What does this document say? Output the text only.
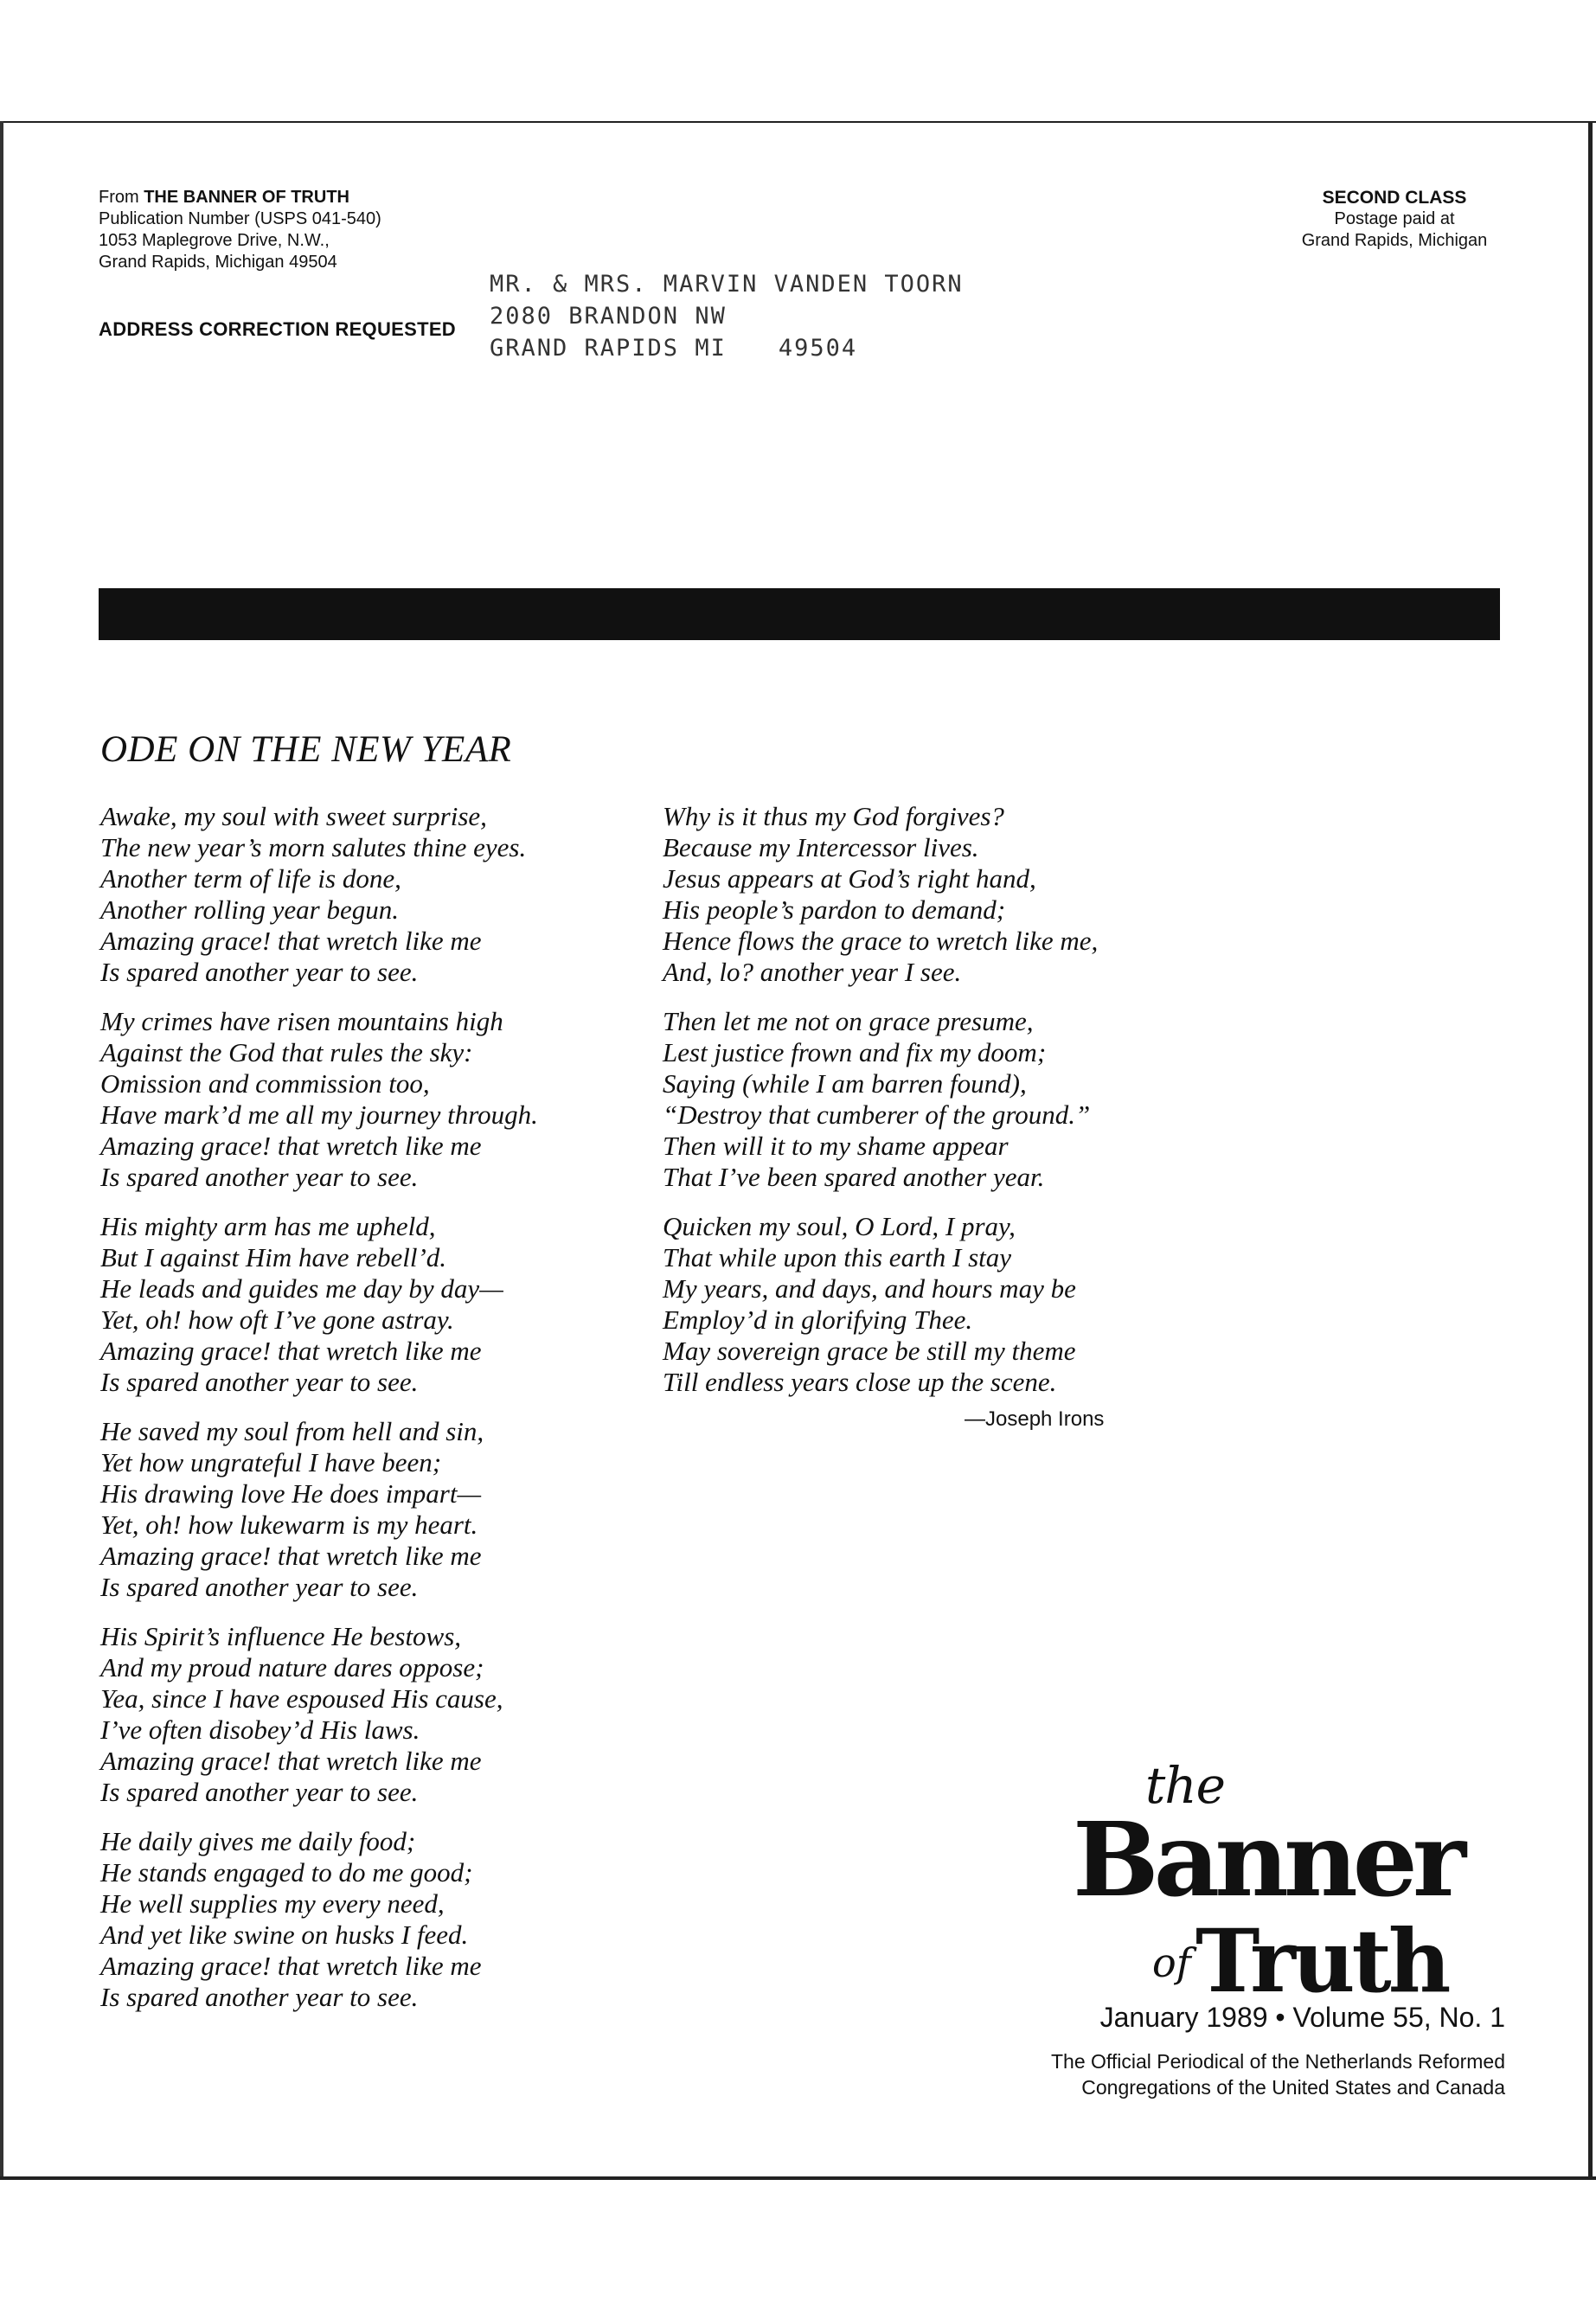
From THE BANNER OF TRUTH
Publication Number (USPS 041-540)
1053 Maplegrove Drive, N.W.,
Grand Rapids, Michigan 49504
ADDRESS CORRECTION REQUESTED
SECOND CLASS
Postage paid at
Grand Rapids, Michigan
MR. & MRS. MARVIN VANDEN TOORN
2080 BRANDON NW
GRAND RAPIDS MI 49504
ODE ON THE NEW YEAR
Awake, my soul with sweet surprise,
The new year’s morn salutes thine eyes.
Another term of life is done,
Another rolling year begun.
Amazing grace! that wretch like me
Is spared another year to see.
My crimes have risen mountains high
Against the God that rules the sky:
Omission and commission too,
Have mark’d me all my journey through.
Amazing grace! that wretch like me
Is spared another year to see.
His mighty arm has me upheld,
But I against Him have rebell’d.
He leads and guides me day by day—
Yet, oh! how oft I’ve gone astray.
Amazing grace! that wretch like me
Is spared another year to see.
He saved my soul from hell and sin,
Yet how ungrateful I have been;
His drawing love He does impart—
Yet, oh! how lukewarm is my heart.
Amazing grace! that wretch like me
Is spared another year to see.
His Spirit’s influence He bestows,
And my proud nature dares oppose;
Yea, since I have espoused His cause,
I’ve often disobey’d His laws.
Amazing grace! that wretch like me
Is spared another year to see.
He daily gives me daily food;
He stands engaged to do me good;
He well supplies my every need,
And yet like swine on husks I feed.
Amazing grace! that wretch like me
Is spared another year to see.
Why is it thus my God forgives?
Because my Intercessor lives.
Jesus appears at God’s right hand,
His people’s pardon to demand;
Hence flows the grace to wretch like me,
And, lo? another year I see.
Then let me not on grace presume,
Lest justice frown and fix my doom;
Saying (while I am barren found),
“Destroy that cumberer of the ground.”
Then will it to my shame appear
That I’ve been spared another year.
Quicken my soul, O Lord, I pray,
That while upon this earth I stay
My years, and days, and hours may be
Employ’d in glorifying Thee.
May sovereign grace be still my theme
Till endless years close up the scene.
—Joseph Irons
the
Banner
of Truth
January 1989 • Volume 55, No. 1
The Official Periodical of the Netherlands Reformed
Congregations of the United States and Canada
